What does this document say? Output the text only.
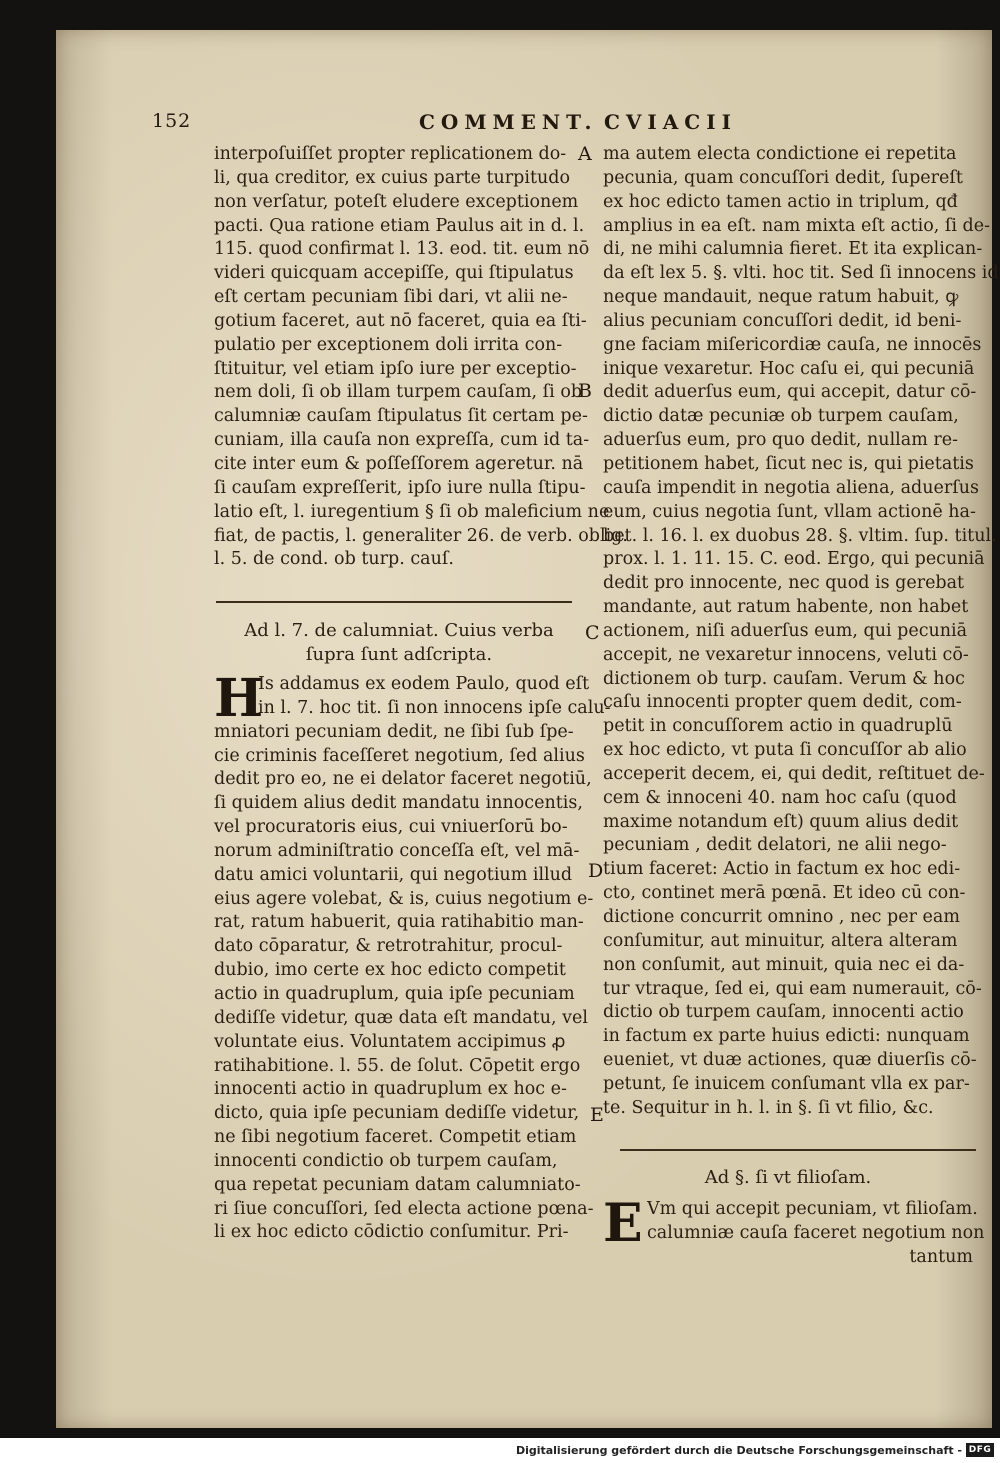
152	COMMENT. CVIACII
A
B
C
D
E
interpoſuiſſet propter replicationem do-
li, qua creditor, ex cuius parte turpitudo
non verſatur, poteſt eludere exceptionem
pacti. Qua ratione etiam Paulus ait in d. l.
115. quod confirmat l. 13. eod. tit. eum nō
videri quicquam accepiſſe, qui ſtipulatus
eſt certam pecuniam ſibi dari, vt alii ne-
gotium faceret, aut nō faceret, quia ea ſti-
pulatio per exceptionem doli irrita con-
ſtituitur, vel etiam ipſo iure per exceptio-
nem doli, ſi ob illam turpem cauſam, ſi ob
calumniæ cauſam ſtipulatus ſit certam pe-
cuniam, illa cauſa non expreſſa, cum id ta-
cite inter eum & poſſeſſorem ageretur. nā
ſi cauſam expreſſerit, ipſo iure nulla ſtipu-
latio eſt, l. iuregentium § ſi ob maleficium ne
fiat, de pactis, l. generaliter 26. de verb. oblig.
l. 5. de cond. ob turp. cauſ.
Ad l. 7. de calumniat. Cuius verba
ſupra ſunt adſcripta.
H
Is addamus ex eodem Paulo, quod eſt
in l. 7. hoc tit. ſi non innocens ipſe calu-
mniatori pecuniam dedit, ne ſibi ſub ſpe-
cie criminis faceſſeret negotium, ſed alius
dedit pro eo, ne ei delator faceret negotiū,
ſi quidem alius dedit mandatu innocentis,
vel procuratoris eius, cui vniuerſorū bo-
norum adminiſtratio conceſſa eſt, vel mā-
datu amici voluntarii, qui negotium illud
eius agere volebat, & is, cuius negotium e-
rat, ratum habuerit, quia ratihabitio man-
dato cōparatur, & retrotrahitur, procul-
dubio, imo certe ex hoc edicto competit
actio in quadruplum, quia ipſe pecuniam
dediſſe videtur, quæ data eſt mandatu, vel
voluntate eius. Voluntatem accipimus ꝓ
ratihabitione. l. 55. de ſolut. Cōpetit ergo
innocenti actio in quadruplum ex hoc e-
dicto, quia ipſe pecuniam dediſſe videtur,
ne ſibi negotium faceret. Competit etiam
innocenti condictio ob turpem cauſam,
qua repetat pecuniam datam calumniato-
ri ſiue concuſſori, ſed electa actione pœna-
li ex hoc edicto cōdictio conſumitur. Pri-
ma autem electa condictione ei repetita
pecunia, quam concuſſori dedit, ſupereſt
ex hoc edicto tamen actio in triplum, qđ
amplius in ea eſt. nam mixta eſt actio, ſi de-
di, ne mihi calumnia fieret. Et ita explican-
da eſt lex 5. §. vlti. hoc tit. Sed ſi innocens id
neque mandauit, neque ratum habuit, ꝙ
alius pecuniam concuſſori dedit, id beni-
gne faciam miſericordiæ cauſa, ne innocēs
inique vexaretur. Hoc caſu ei, qui pecuniā
dedit aduerſus eum, qui accepit, datur cō-
dictio datæ pecuniæ ob turpem cauſam,
aduerſus eum, pro quo dedit, nullam re-
petitionem habet, ſicut nec is, qui pietatis
cauſa impendit in negotia aliena, aduerſus
eum, cuius negotia ſunt, vllam actionē ha-
bet. l. 16. l. ex duobus 28. §. vltim. ſup. titul.
prox. l. 1. 11. 15. C. eod. Ergo, qui pecuniā
dedit pro innocente, nec quod is gerebat
mandante, aut ratum habente, non habet
actionem, niſi aduerſus eum, qui pecuniā
accepit, ne vexaretur innocens, veluti cō-
dictionem ob turp. cauſam. Verum & hoc
caſu innocenti propter quem dedit, com-
petit in concuſſorem actio in quadruplū
ex hoc edicto, vt puta ſi concuſſor ab alio
acceperit decem, ei, qui dedit, reſtituet de-
cem & innoceni 40. nam hoc caſu (quod
maxime notandum eſt) quum alius dedit
pecuniam , dedit delatori, ne alii nego-
tium faceret: Actio in factum ex hoc edi-
cto, continet merā pœnā. Et ideo cū con-
dictione concurrit omnino , nec per eam
conſumitur, aut minuitur, altera alteram
non conſumit, aut minuit, quia nec ei da-
tur vtraque, ſed ei, qui eam numerauit, cō-
dictio ob turpem cauſam, innocenti actio
in factum ex parte huius edicti: nunquam
eueniet, vt duæ actiones, quæ diuerſis cō-
petunt, ſe inuicem conſumant vlla ex par-
te. Sequitur in h. l. in §. ſi vt filio, &c.
Ad §. ſi vt filioſam.
E Vm qui accepit pecuniam, vt filioſam.
calumniæ cauſa faceret negotium non
tantum
Digitalisierung gefördert durch die Deutsche Forschungsgemeinschaft - DFG
